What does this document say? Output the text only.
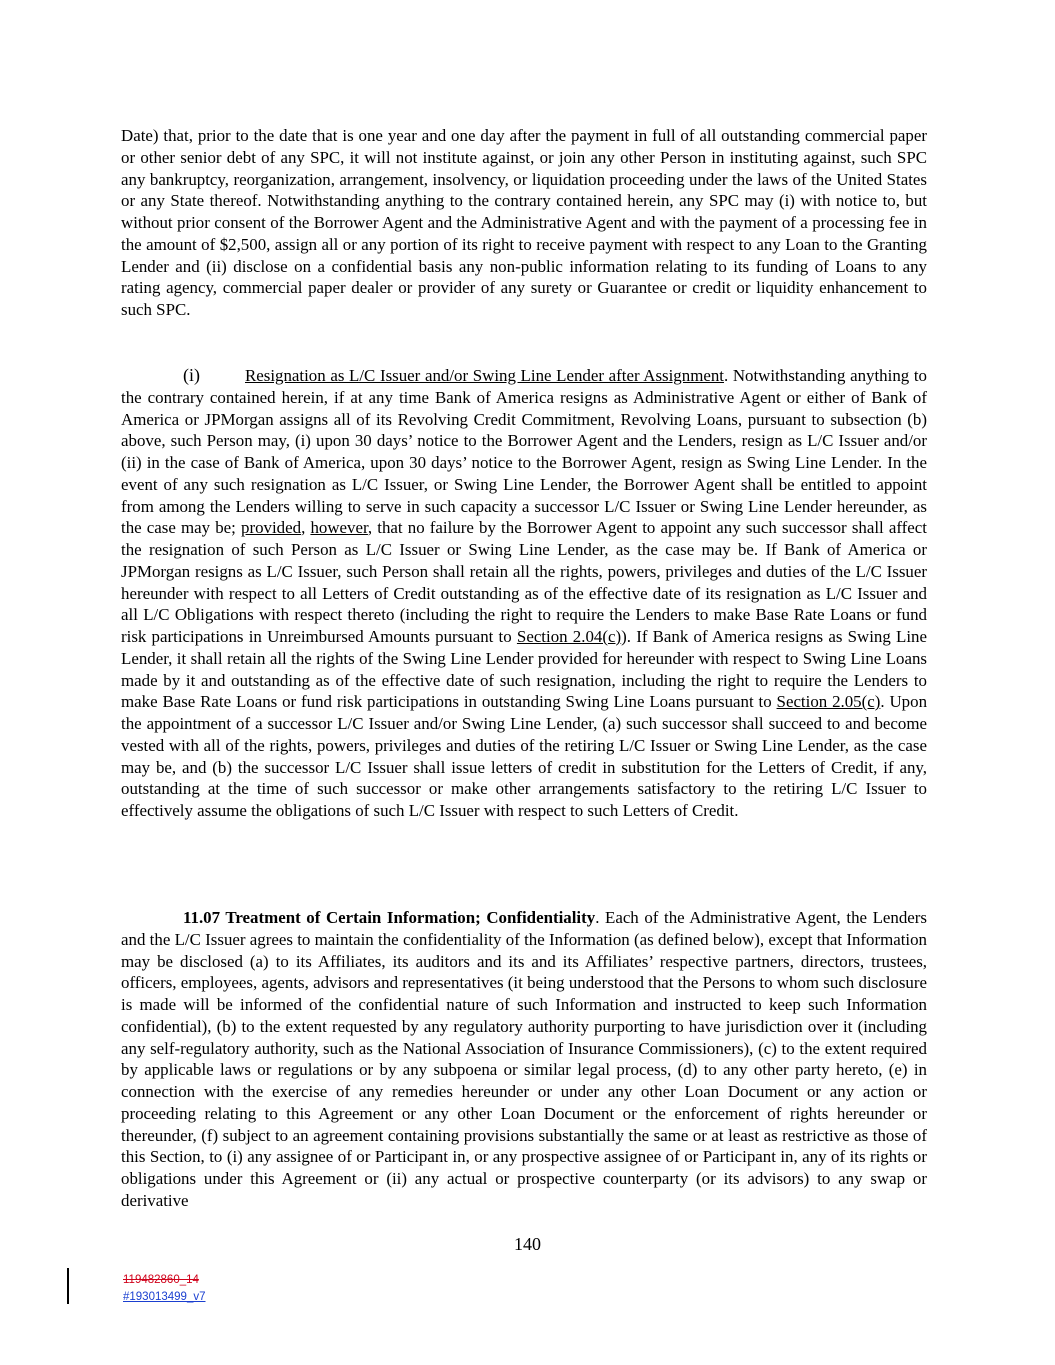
Date) that, prior to the date that is one year and one day after the payment in full of all outstanding commercial paper or other senior debt of any SPC, it will not institute against, or join any other Person in instituting against, such SPC any bankruptcy, reorganization, arrangement, insolvency, or liquidation proceeding under the laws of the United States or any State thereof. Notwithstanding anything to the contrary contained herein, any SPC may (i) with notice to, but without prior consent of the Borrower Agent and the Administrative Agent and with the payment of a processing fee in the amount of $2,500, assign all or any portion of its right to receive payment with respect to any Loan to the Granting Lender and (ii) disclose on a confidential basis any non-public information relating to its funding of Loans to any rating agency, commercial paper dealer or provider of any surety or Guarantee or credit or liquidity enhancement to such SPC.

(i)	Resignation as L/C Issuer and/or Swing Line Lender after Assignment. Notwithstanding anything to the contrary contained herein, if at any time Bank of America resigns as Administrative Agent or either of Bank of America or JPMorgan assigns all of its Revolving Credit Commitment, Revolving Loans, pursuant to subsection (b) above, such Person may, (i) upon 30 days’ notice to the Borrower Agent and the Lenders, resign as L/C Issuer and/or (ii) in the case of Bank of America, upon 30 days’ notice to the Borrower Agent, resign as Swing Line Lender. In the event of any such resignation as L/C Issuer, or Swing Line Lender, the Borrower Agent shall be entitled to appoint from among the Lenders willing to serve in such capacity a successor L/C Issuer or Swing Line Lender hereunder, as the case may be; provided, however, that no failure by the Borrower Agent to appoint any such successor shall affect the resignation of such Person as L/C Issuer or Swing Line Lender, as the case may be. If Bank of America or JPMorgan resigns as L/C Issuer, such Person shall retain all the rights, powers, privileges and duties of the L/C Issuer hereunder with respect to all Letters of Credit outstanding as of the effective date of its resignation as L/C Issuer and all L/C Obligations with respect thereto (including the right to require the Lenders to make Base Rate Loans or fund risk participations in Unreimbursed Amounts pursuant to Section 2.04(c)). If Bank of America resigns as Swing Line Lender, it shall retain all the rights of the Swing Line Lender provided for hereunder with respect to Swing Line Loans made by it and outstanding as of the effective date of such resignation, including the right to require the Lenders to make Base Rate Loans or fund risk participations in outstanding Swing Line Loans pursuant to Section 2.05(c). Upon the appointment of a successor L/C Issuer and/or Swing Line Lender, (a) such successor shall succeed to and become vested with all of the rights, powers, privileges and duties of the retiring L/C Issuer or Swing Line Lender, as the case may be, and (b) the successor L/C Issuer shall issue letters of credit in substitution for the Letters of Credit, if any, outstanding at the time of such successor or make other arrangements satisfactory to the retiring L/C Issuer to effectively assume the obligations of such L/C Issuer with respect to such Letters of Credit.

11.07 Treatment of Certain Information; Confidentiality. Each of the Administrative Agent, the Lenders and the L/C Issuer agrees to maintain the confidentiality of the Information (as defined below), except that Information may be disclosed (a) to its Affiliates, its auditors and its and its Affiliates’ respective partners, directors, trustees, officers, employees, agents, advisors and representatives (it being understood that the Persons to whom such disclosure is made will be informed of the confidential nature of such Information and instructed to keep such Information confidential), (b) to the extent requested by any regulatory authority purporting to have jurisdiction over it (including any self-regulatory authority, such as the National Association of Insurance Commissioners), (c) to the extent required by applicable laws or regulations or by any subpoena or similar legal process, (d) to any other party hereto, (e) in connection with the exercise of any remedies hereunder or under any other Loan Document or any action or proceeding relating to this Agreement or any other Loan Document or the enforcement of rights hereunder or thereunder, (f) subject to an agreement containing provisions substantially the same or at least as restrictive as those of this Section, to (i) any assignee of or Participant in, or any prospective assignee of or Participant in, any of its rights or obligations under this Agreement or (ii) any actual or prospective counterparty (or its advisors) to any swap or derivative

140
119482860_14
#193013499_v7
